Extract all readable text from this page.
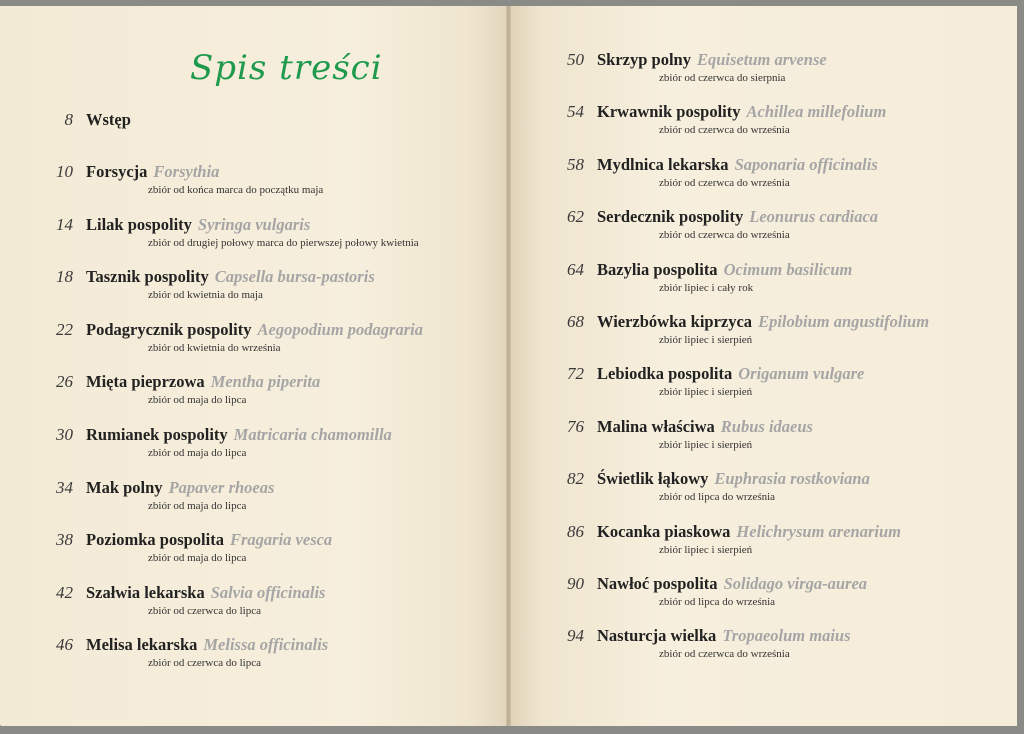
Spis treści
8 Wstęp
10 Forsycja Forsythia
zbiór od końca marca do początku maja
14 Lilak pospolity Syringa vulgaris
zbiór od drugiej połowy marca do pierwszej połowy kwietnia
18 Tasznik pospolity Capsella bursa-pastoris
zbiór od kwietnia do maja
22 Podagrycznik pospolity Aegopodium podagraria
zbiór od kwietnia do września
26 Mięta pieprzowa Mentha piperita
zbiór od maja do lipca
30 Rumianek pospolity Matricaria chamomilla
zbiór od maja do lipca
34 Mak polny Papaver rhoeas
zbiór od maja do lipca
38 Poziomka pospolita Fragaria vesca
zbiór od maja do lipca
42 Szałwia lekarska Salvia officinalis
zbiór od czerwca do lipca
46 Melisa lekarska Melissa officinalis
zbiór od czerwca do lipca
50 Skrzyp polny Equisetum arvense
zbiór od czerwca do sierpnia
54 Krwawnik pospolity Achillea millefolium
zbiór od czerwca do września
58 Mydlnica lekarska Saponaria officinalis
zbiór od czerwca do września
62 Serdecznik pospolity Leonurus cardiaca
zbiór od czerwca do września
64 Bazylia pospolita Ocimum basilicum
zbiór lipiec i cały rok
68 Wierzbówka kiprzyca Epilobium angustifolium
zbiór lipiec i sierpień
72 Lebiodka pospolita Origanum vulgare
zbiór lipiec i sierpień
76 Malina właściwa Rubus idaeus
zbiór lipiec i sierpień
82 Świetlik łąkowy Euphrasia rostkoviana
zbiór od lipca do września
86 Kocanka piaskowa Helichrysum arenarium
zbiór lipiec i sierpień
90 Nawłoć pospolita Solidago virga-aurea
zbiór od lipca do września
94 Nasturcja wielka Tropaeolum maius
zbiór od czerwca do września
